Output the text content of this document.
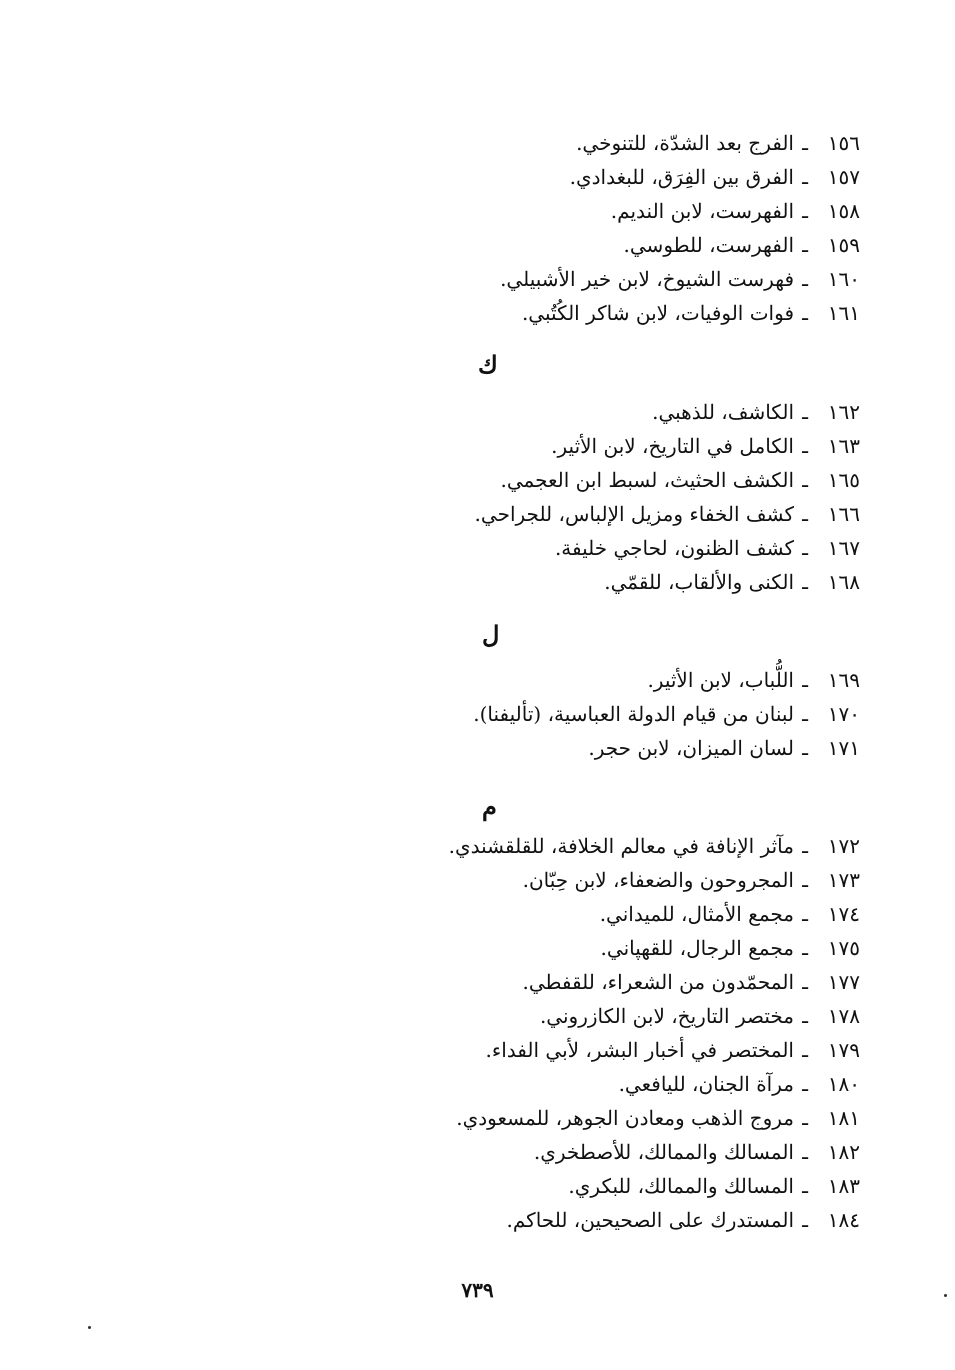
١٥٦
ـ
الفرج بعد الشدّة، للتنوخي.
١٥٧
ـ
الفرق بين الفِرَق، للبغدادي.
١٥٨
ـ
الفهرست، لابن النديم.
١٥٩
ـ
الفهرست، للطوسي.
١٦٠
ـ
فهرست الشيوخ، لابن خير الأشبيلي.
١٦١
ـ
فوات الوفيات، لابن شاكر الكُتُبي.
ك
١٦٢
ـ
الكاشف، للذهبي.
١٦٣
ـ
الكامل في التاريخ، لابن الأثير.
١٦٥
ـ
الكشف الحثيث، لسبط ابن العجمي.
١٦٦
ـ
كشف الخفاء ومزيل الإلباس، للجراحي.
١٦٧
ـ
كشف الظنون، لحاجي خليفة.
١٦٨
ـ
الكنى والألقاب، للقمّي.
ل
١٦٩
ـ
اللُّباب، لابن الأثير.
١٧٠
ـ
لبنان من قيام الدولة العباسية، (تأليفنا).
١٧١
ـ
لسان الميزان، لابن حجر.
م
١٧٢
ـ
مآثر الإنافة في معالم الخلافة، للقلقشندي.
١٧٣
ـ
المجروحون والضعفاء، لابن حِبّان.
١٧٤
ـ
مجمع الأمثال، للميداني.
١٧٥
ـ
مجمع الرجال، للقهپاني.
١٧٧
ـ
المحمّدون من الشعراء، للقفطي.
١٧٨
ـ
مختصر التاريخ، لابن الكازروني.
١٧٩
ـ
المختصر في أخبار البشر، لأبي الفداء.
١٨٠
ـ
مرآة الجنان، لليافعي.
١٨١
ـ
مروج الذهب ومعادن الجوهر، للمسعودي.
١٨٢
ـ
المسالك والممالك، للأصطخري.
١٨٣
ـ
المسالك والممالك، للبكري.
١٨٤
ـ
المستدرك على الصحيحين، للحاكم.
٧٣٩
